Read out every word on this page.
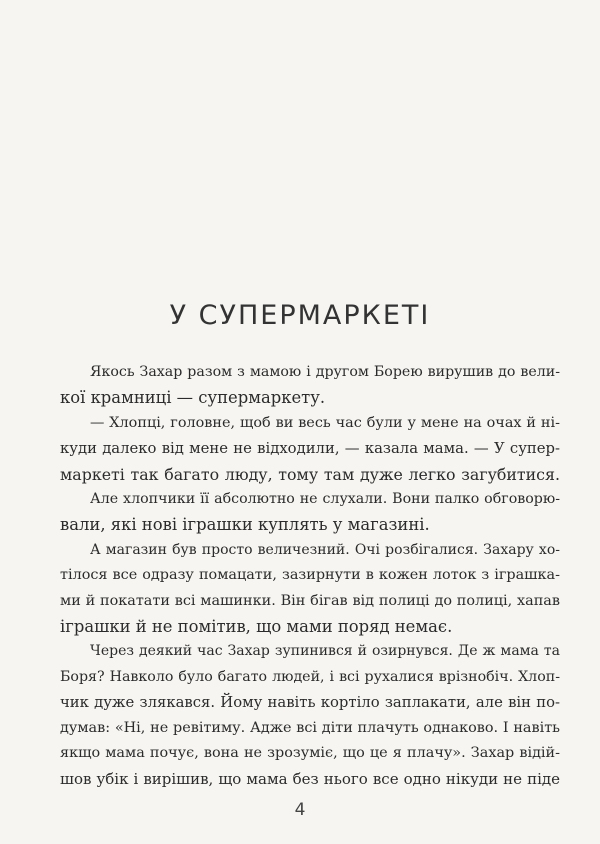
У СУПЕРМАРКЕТІ
Якось Захар разом з мамою і другом Борею вирушив до вели-
кої крамниці — супермаркету.
— Хлопці, головне, щоб ви весь час були у мене на очах й ні-
куди далеко від мене не відходили, — казала мама. — У супер-
маркеті так багато люду, тому там дуже легко загубитися.
Але хлопчики її абсолютно не слухали. Вони палко обговорю-
вали, які нові іграшки куплять у магазині.
А магазин був просто величезний. Очі розбігалися. Захару хо-
тілося все одразу помацати, зазирнути в кожен лоток з іграшка-
ми й покатати всі машинки. Він бігав від полиці до полиці, хапав
іграшки й не помітив, що мами поряд немає.
Через деякий час Захар зупинився й озирнувся. Де ж мама та
Боря? Навколо було багато людей, і всі рухалися врізнобіч. Хлоп-
чик дуже злякався. Йому навіть кортіло заплакати, але він по-
думав: «Ні, не ревітиму. Адже всі діти плачуть однаково. І навіть
якщо мама почує, вона не зрозуміє, що це я плачу». Захар відій-
шов убік і вирішив, що мама без нього все одно нікуди не піде
4
